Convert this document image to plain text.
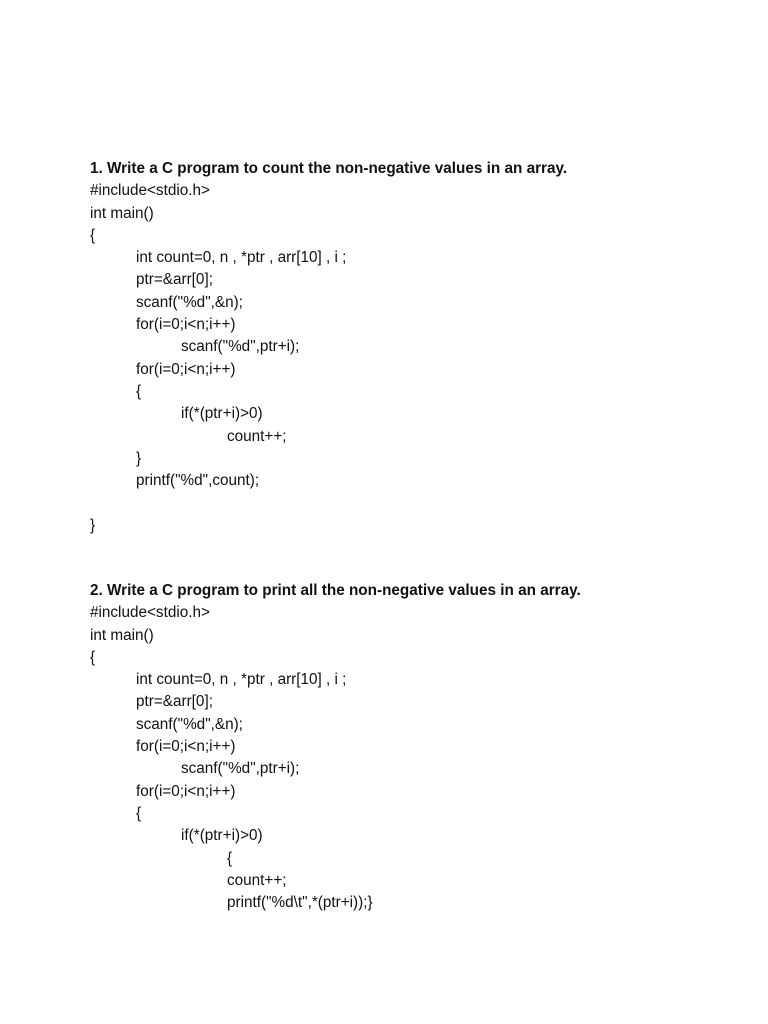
1. Write a C program to count the non-negative values in an array.
#include<stdio.h>
int main()
{
int count=0, n , *ptr , arr[10] , i ;
ptr=&arr[0];
scanf("%d",&n);
for(i=0;i<n;i++)
scanf("%d",ptr+i);
for(i=0;i<n;i++)
{
if(*(ptr+i)>0)
count++;
}
printf("%d",count);
}
2. Write a C program to print all the non-negative values in an array.
#include<stdio.h>
int main()
{
int count=0, n , *ptr , arr[10] , i ;
ptr=&arr[0];
scanf("%d",&n);
for(i=0;i<n;i++)
scanf("%d",ptr+i);
for(i=0;i<n;i++)
{
if(*(ptr+i)>0)
{
count++;
printf("%d\t",*(ptr+i));}
